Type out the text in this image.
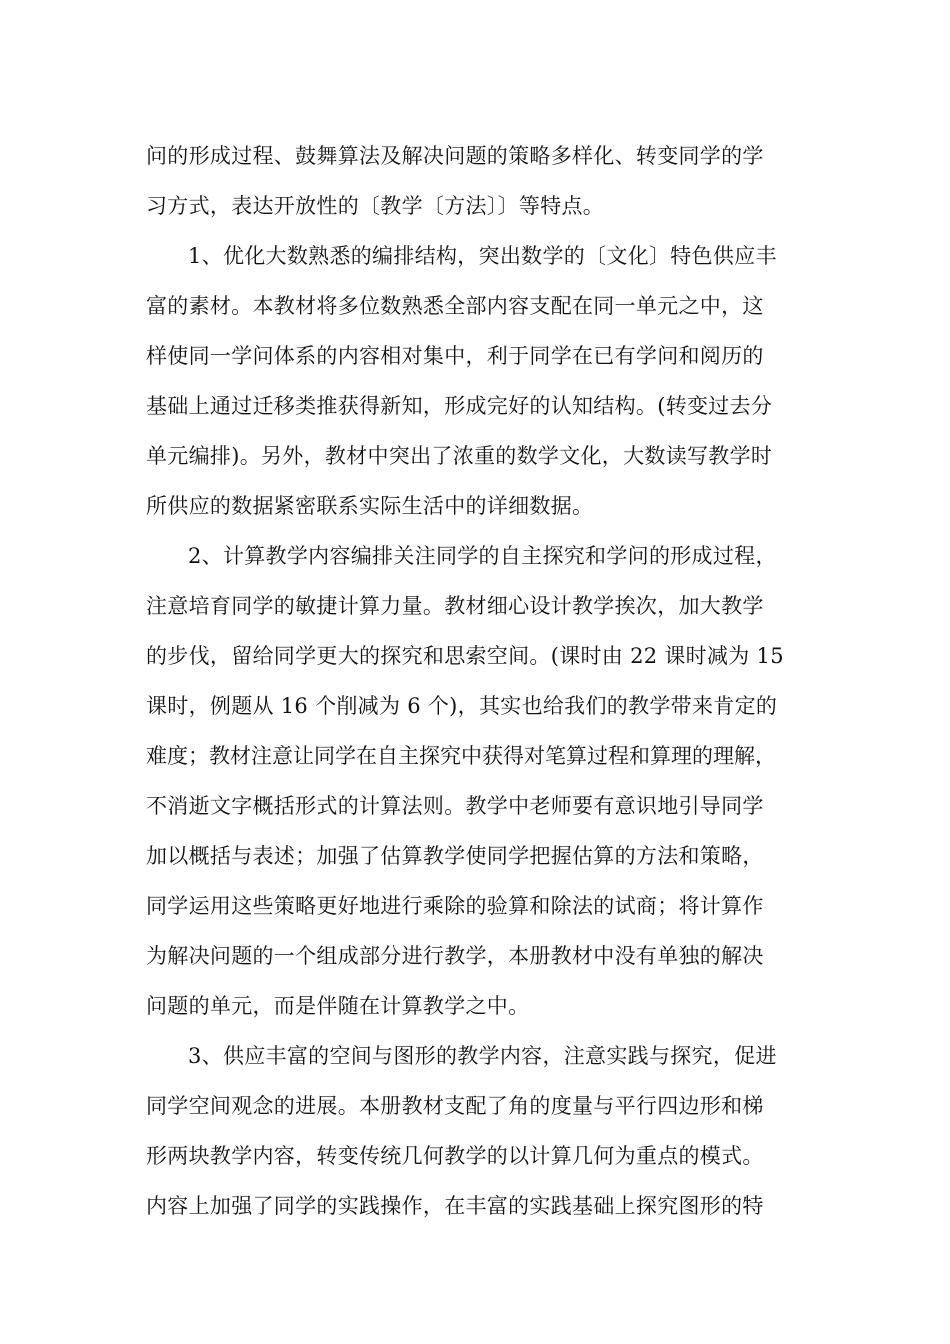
问的形成过程、鼓舞算法及解决问题的策略多样化、转变同学的学
习方式，表达开放性的〔教学〔方法〕〕等特点。
1、优化大数熟悉的编排结构，突出数学的〔文化〕特色供应丰
富的素材。本教材将多位数熟悉全部内容支配在同一单元之中，这
样使同一学问体系的内容相对集中，利于同学在已有学问和阅历的
基础上通过迁移类推获得新知，形成完好的认知结构。(转变过去分
单元编排)。另外，教材中突出了浓重的数学文化，大数读写教学时
所供应的数据紧密联系实际生活中的详细数据。
2、计算教学内容编排关注同学的自主探究和学问的形成过程，
注意培育同学的敏捷计算力量。教材细心设计教学挨次，加大教学
的步伐，留给同学更大的探究和思索空间。(课时由 22 课时减为 15
课时，例题从 16 个削减为 6 个)，其实也给我们的教学带来肯定的
难度；教材注意让同学在自主探究中获得对笔算过程和算理的理解，
不消逝文字概括形式的计算法则。教学中老师要有意识地引导同学
加以概括与表述；加强了估算教学使同学把握估算的方法和策略，
同学运用这些策略更好地进行乘除的验算和除法的试商；将计算作
为解决问题的一个组成部分进行教学，本册教材中没有单独的解决
问题的单元，而是伴随在计算教学之中。
3、供应丰富的空间与图形的教学内容，注意实践与探究，促进
同学空间观念的进展。本册教材支配了角的度量与平行四边形和梯
形两块教学内容，转变传统几何教学的以计算几何为重点的模式。
内容上加强了同学的实践操作，在丰富的实践基础上探究图形的特
